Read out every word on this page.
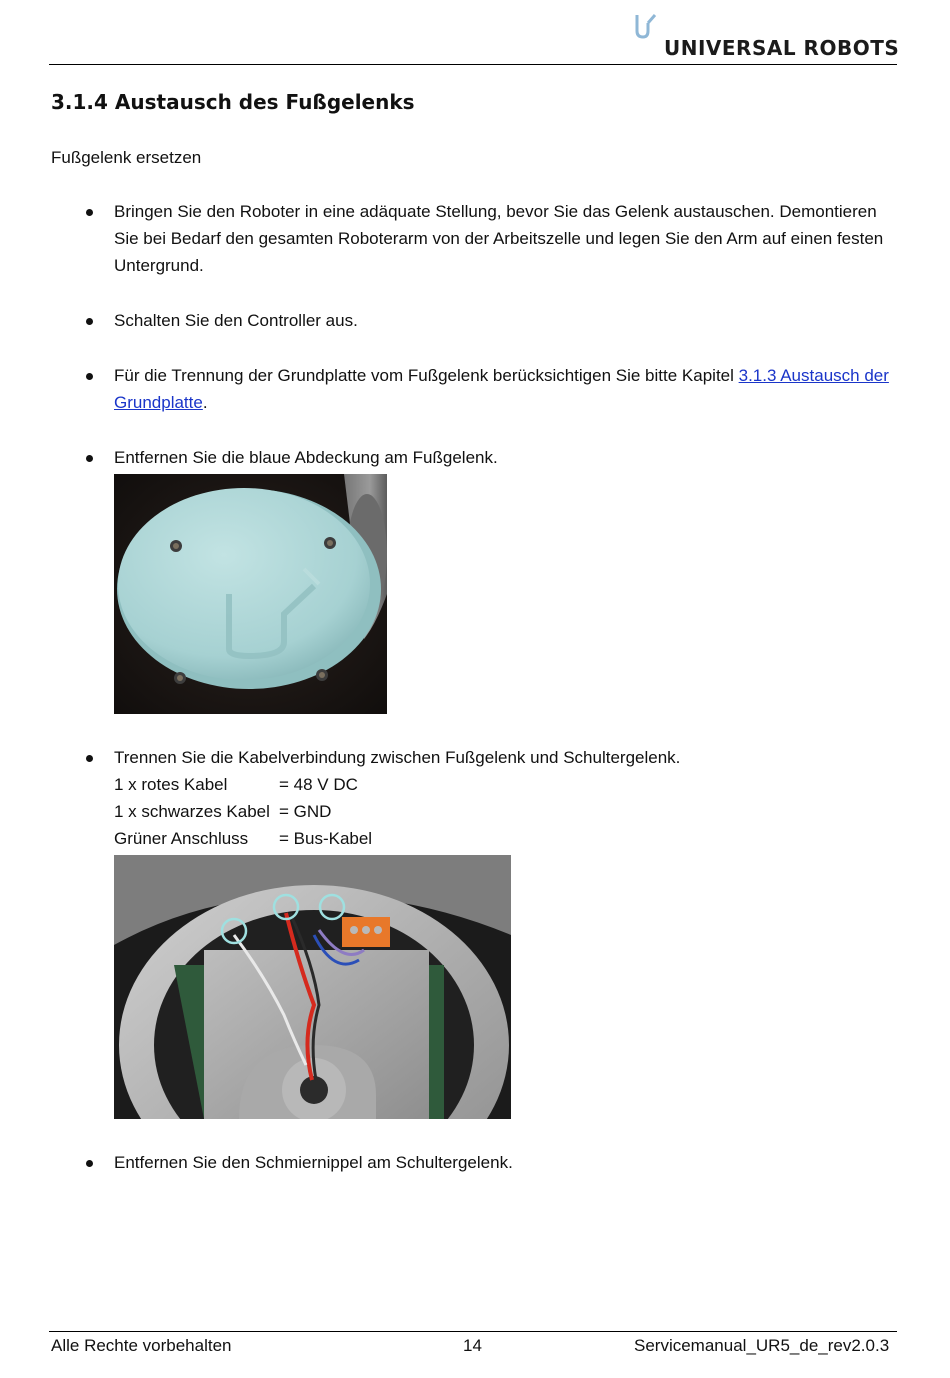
UNIVERSAL ROBOTS
3.1.4 Austausch des Fußgelenks
Fußgelenk ersetzen
Bringen Sie den Roboter in eine adäquate Stellung, bevor Sie das Gelenk austauschen. Demontieren Sie bei Bedarf den gesamten Roboterarm von der Arbeitszelle und legen Sie den Arm auf einen festen Untergrund.
Schalten Sie den Controller aus.
Für die Trennung der Grundplatte vom Fußgelenk berücksichtigen Sie bitte Kapitel 3.1.3 Austausch der Grundplatte.
Entfernen Sie die blaue Abdeckung am Fußgelenk.
Trennen Sie die Kabelverbindung zwischen Fußgelenk und Schultergelenk.
1 x rotes Kabel	= 48 V DC
1 x schwarzes Kabel = GND
Grüner Anschluss = Bus-Kabel
Entfernen Sie den Schmiernippel am Schultergelenk.
Alle Rechte vorbehalten	14	Servicemanual_UR5_de_rev2.0.3
